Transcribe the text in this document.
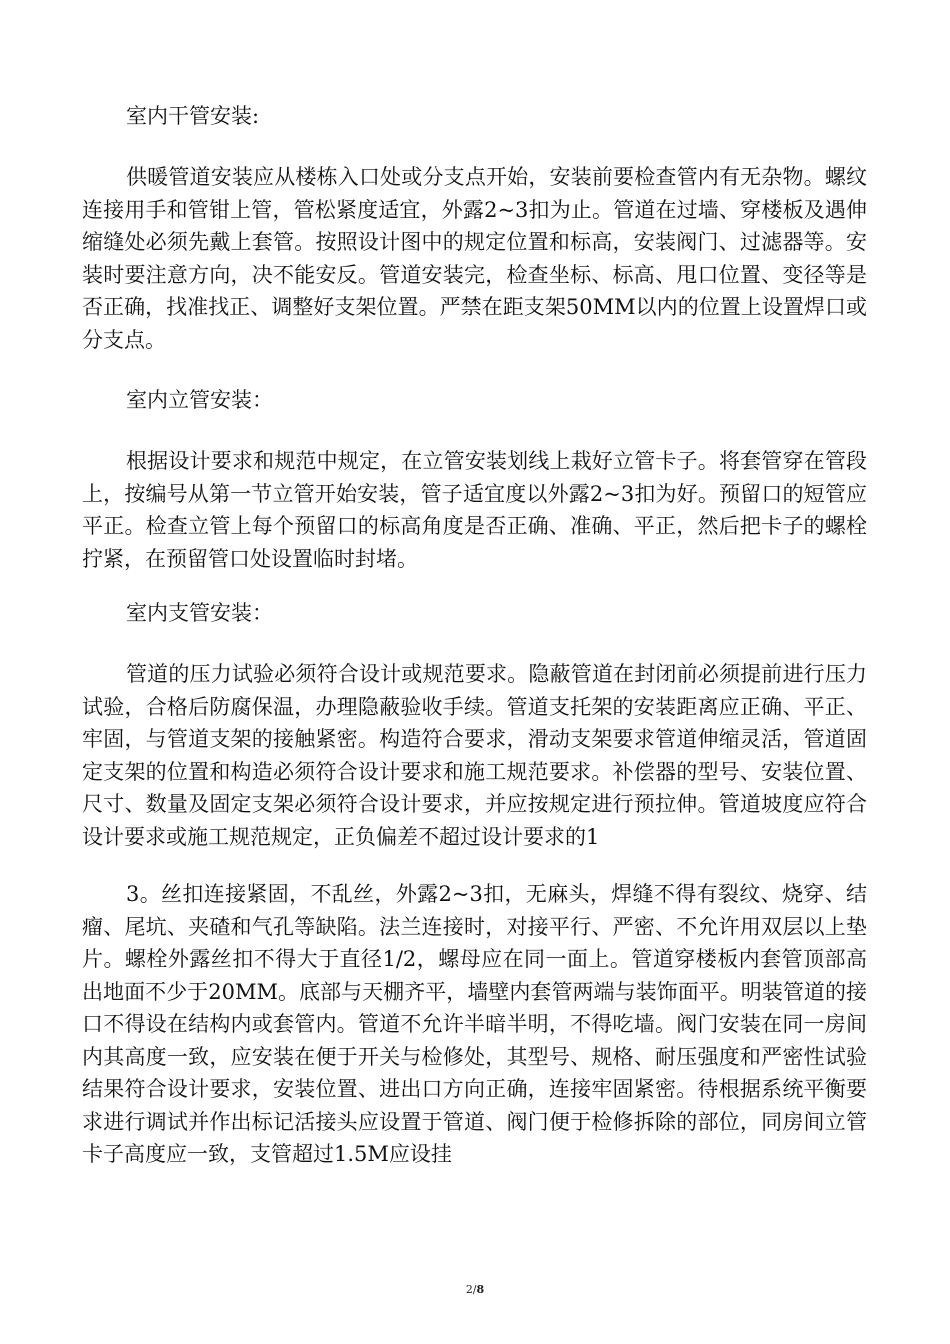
室内干管安装:

供暖管道安装应从楼栋入口处或分支点开始，安装前要检查管内有无杂物。螺纹连接用手和管钳上管，管松紧度适宜，外露2~3扣为止。管道在过墙、穿楼板及遇伸缩缝处必须先戴上套管。按照设计图中的规定位置和标高，安装阀门、过滤器等。安装时要注意方向，决不能安反。管道安装完，检查坐标、标高、甩口位置、变径等是否正确，找准找正、调整好支架位置。严禁在距支架50MM以内的位置上设置焊口或分支点。

室内立管安装：

根据设计要求和规范中规定，在立管安装划线上栽好立管卡子。将套管穿在管段上，按编号从第一节立管开始安装，管子适宜度以外露2~3扣为好。预留口的短管应平正。检查立管上每个预留口的标高角度是否正确、准确、平正，然后把卡子的螺栓拧紧，在预留管口处设置临时封堵。

室内支管安装：

管道的压力试验必须符合设计或规范要求。隐蔽管道在封闭前必须提前进行压力试验，合格后防腐保温，办理隐蔽验收手续。管道支托架的安装距离应正确、平正、牢固，与管道支架的接触紧密。构造符合要求，滑动支架要求管道伸缩灵活，管道固定支架的位置和构造必须符合设计要求和施工规范要求。补偿器的型号、安装位置、尺寸、数量及固定支架必须符合设计要求，并应按规定进行预拉伸。管道坡度应符合设计要求或施工规范规定，正负偏差不超过设计要求的1

3。丝扣连接紧固，不乱丝，外露2~3扣，无麻头，焊缝不得有裂纹、烧穿、结瘤、尾坑、夹碴和气孔等缺陷。法兰连接时，对接平行、严密、不允许用双层以上垫片。螺栓外露丝扣不得大于直径1/2，螺母应在同一面上。管道穿楼板内套管顶部高出地面不少于20MM。底部与天棚齐平，墙壁内套管两端与装饰面平。明装管道的接口不得设在结构内或套管内。管道不允许半暗半明，不得吃墙。阀门安装在同一房间内其高度一致，应安装在便于开关与检修处，其型号、规格、耐压强度和严密性试验结果符合设计要求，安装位置、进出口方向正确，连接牢固紧密。待根据系统平衡要求进行调试并作出标记活接头应设置于管道、阀门便于检修拆除的部位，同房间立管卡子高度应一致，支管超过1.5M应设挂

2/8
